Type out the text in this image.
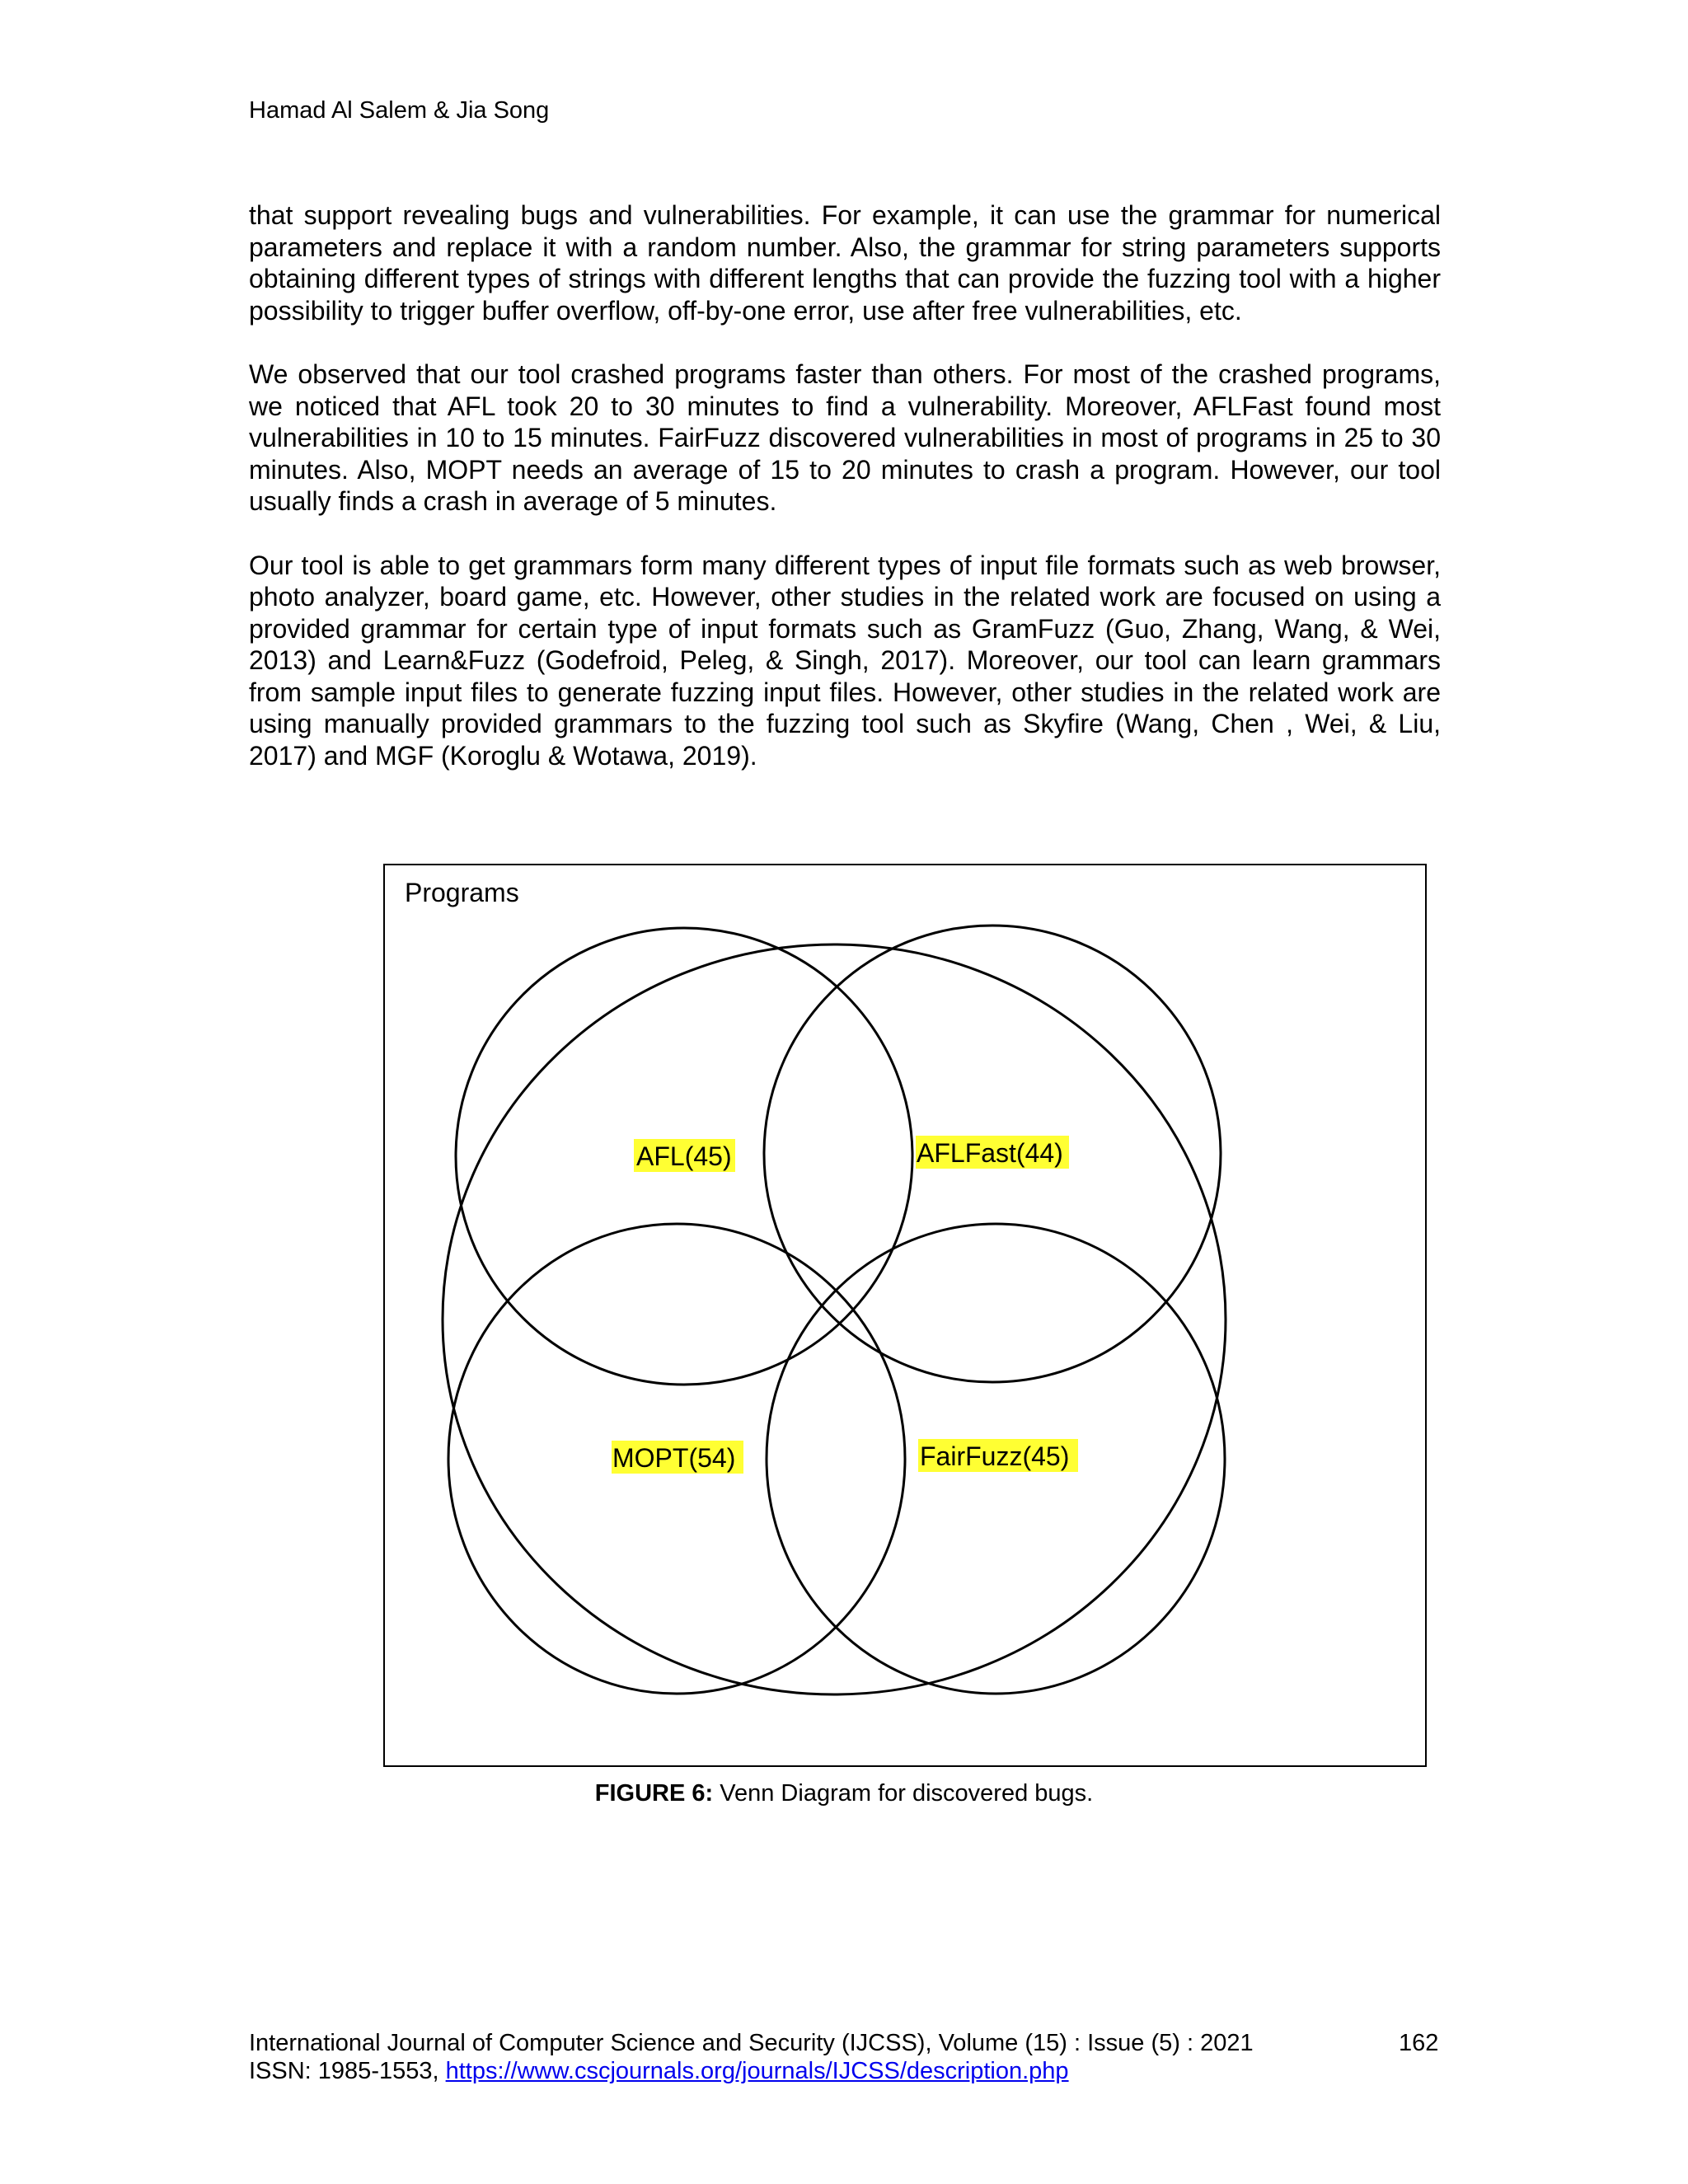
Hamad Al Salem & Jia Song

that support revealing bugs and vulnerabilities. For example, it can use the grammar for numerical parameters and replace it with a random number. Also, the grammar for string parameters supports obtaining different types of strings with different lengths that can provide the fuzzing tool with a higher possibility to trigger buffer overflow, off-by-one error, use after free vulnerabilities, etc.

We observed that our tool crashed programs faster than others. For most of the crashed programs, we noticed that AFL took 20 to 30 minutes to find a vulnerability. Moreover, AFLFast found most vulnerabilities in 10 to 15 minutes. FairFuzz discovered vulnerabilities in most of programs in 25 to 30 minutes. Also, MOPT needs an average of 15 to 20 minutes to crash a program. However, our tool usually finds a crash in average of 5 minutes.

Our tool is able to get grammars form many different types of input file formats such as web browser, photo analyzer, board game, etc. However, other studies in the related work are focused on using a provided grammar for certain type of input formats such as GramFuzz (Guo, Zhang, Wang, & Wei, 2013) and Learn&Fuzz (Godefroid, Peleg, & Singh, 2017). Moreover, our tool can learn grammars from sample input files to generate fuzzing input files. However, other studies in the related work are using manually provided grammars to the fuzzing tool such as Skyfire (Wang, Chen , Wei, & Liu, 2017) and MGF (Koroglu & Wotawa, 2019).

Programs
AFL(45)	AFLFast(44)
MOPT(54)	FairFuzz(45)
FIGURE 6: Venn Diagram for discovered bugs.
International Journal of Computer Science and Security (IJCSS), Volume (15) : Issue (5) : 2021	162
ISSN: 1985-1553, https://www.cscjournals.org/journals/IJCSS/description.php
